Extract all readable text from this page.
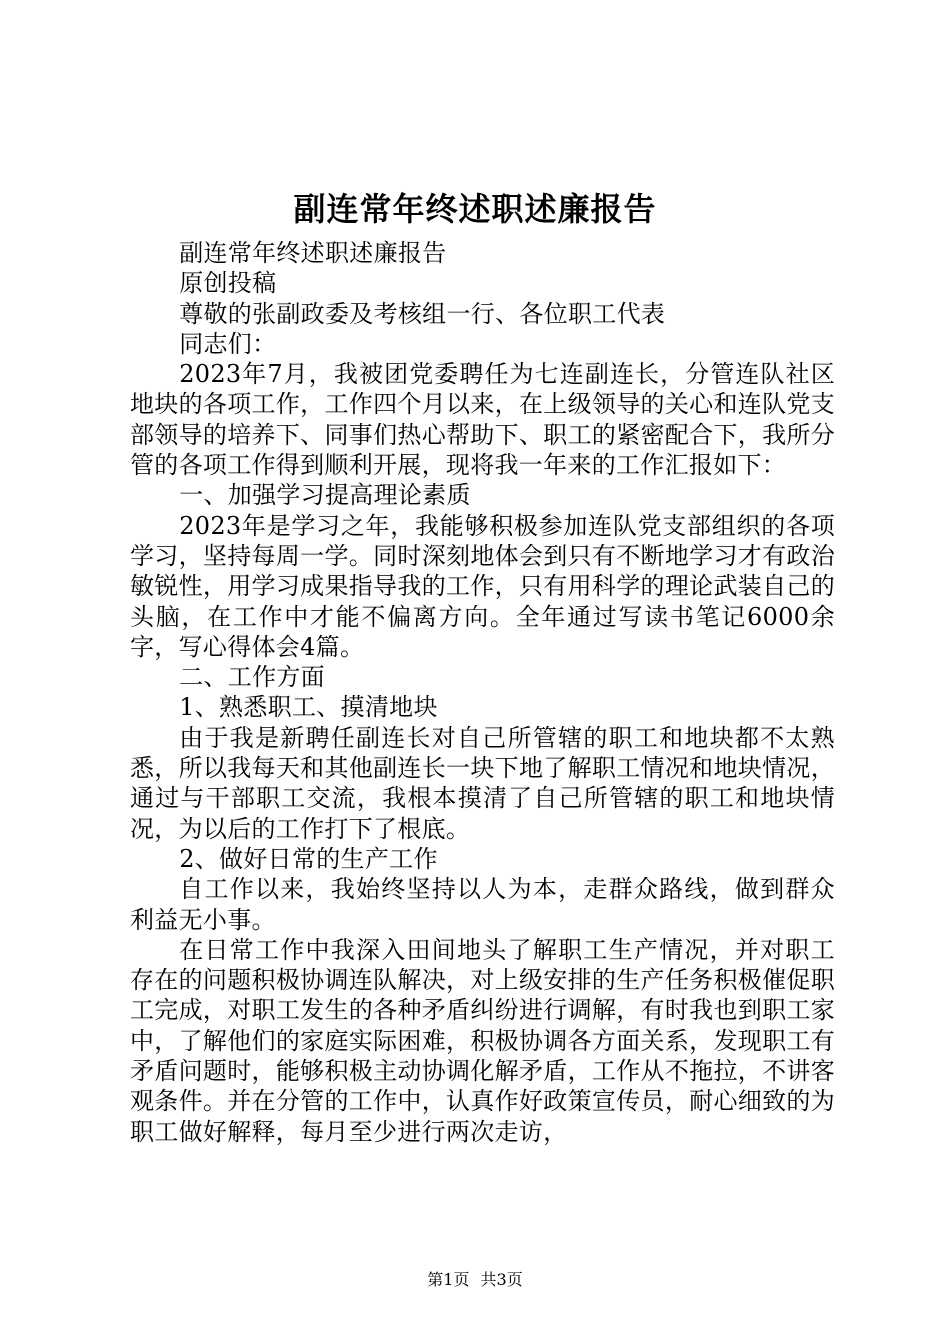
副连常年终述职述廉报告

副连常年终述职述廉报告

原创投稿

尊敬的张副政委及考核组一行、各位职工代表

同志们：

2023年7月，我被团党委聘任为七连副连长，分管连队社区地块的各项工作，工作四个月以来，在上级领导的关心和连队党支部领导的培养下、同事们热心帮助下、职工的紧密配合下，我所分管的各项工作得到顺利开展，现将我一年来的工作汇报如下：

一、加强学习提高理论素质

2023年是学习之年，我能够积极参加连队党支部组织的各项学习，坚持每周一学。同时深刻地体会到只有不断地学习才有政治敏锐性，用学习成果指导我的工作，只有用科学的理论武装自己的头脑，在工作中才能不偏离方向。全年通过写读书笔记6000余字，写心得体会4篇。

二、工作方面

1、熟悉职工、摸清地块

由于我是新聘任副连长对自己所管辖的职工和地块都不太熟悉，所以我每天和其他副连长一块下地了解职工情况和地块情况，通过与干部职工交流，我根本摸清了自己所管辖的职工和地块情况，为以后的工作打下了根底。

2、做好日常的生产工作

自工作以来，我始终坚持以人为本，走群众路线，做到群众利益无小事。

在日常工作中我深入田间地头了解职工生产情况，并对职工存在的问题积极协调连队解决，对上级安排的生产任务积极催促职工完成，对职工发生的各种矛盾纠纷进行调解，有时我也到职工家中，了解他们的家庭实际困难，积极协调各方面关系，发现职工有矛盾问题时，能够积极主动协调化解矛盾，工作从不拖拉，不讲客观条件。并在分管的工作中，认真作好政策宣传员，耐心细致的为职工做好解释，每月至少进行两次走访，

第1页 共3页
